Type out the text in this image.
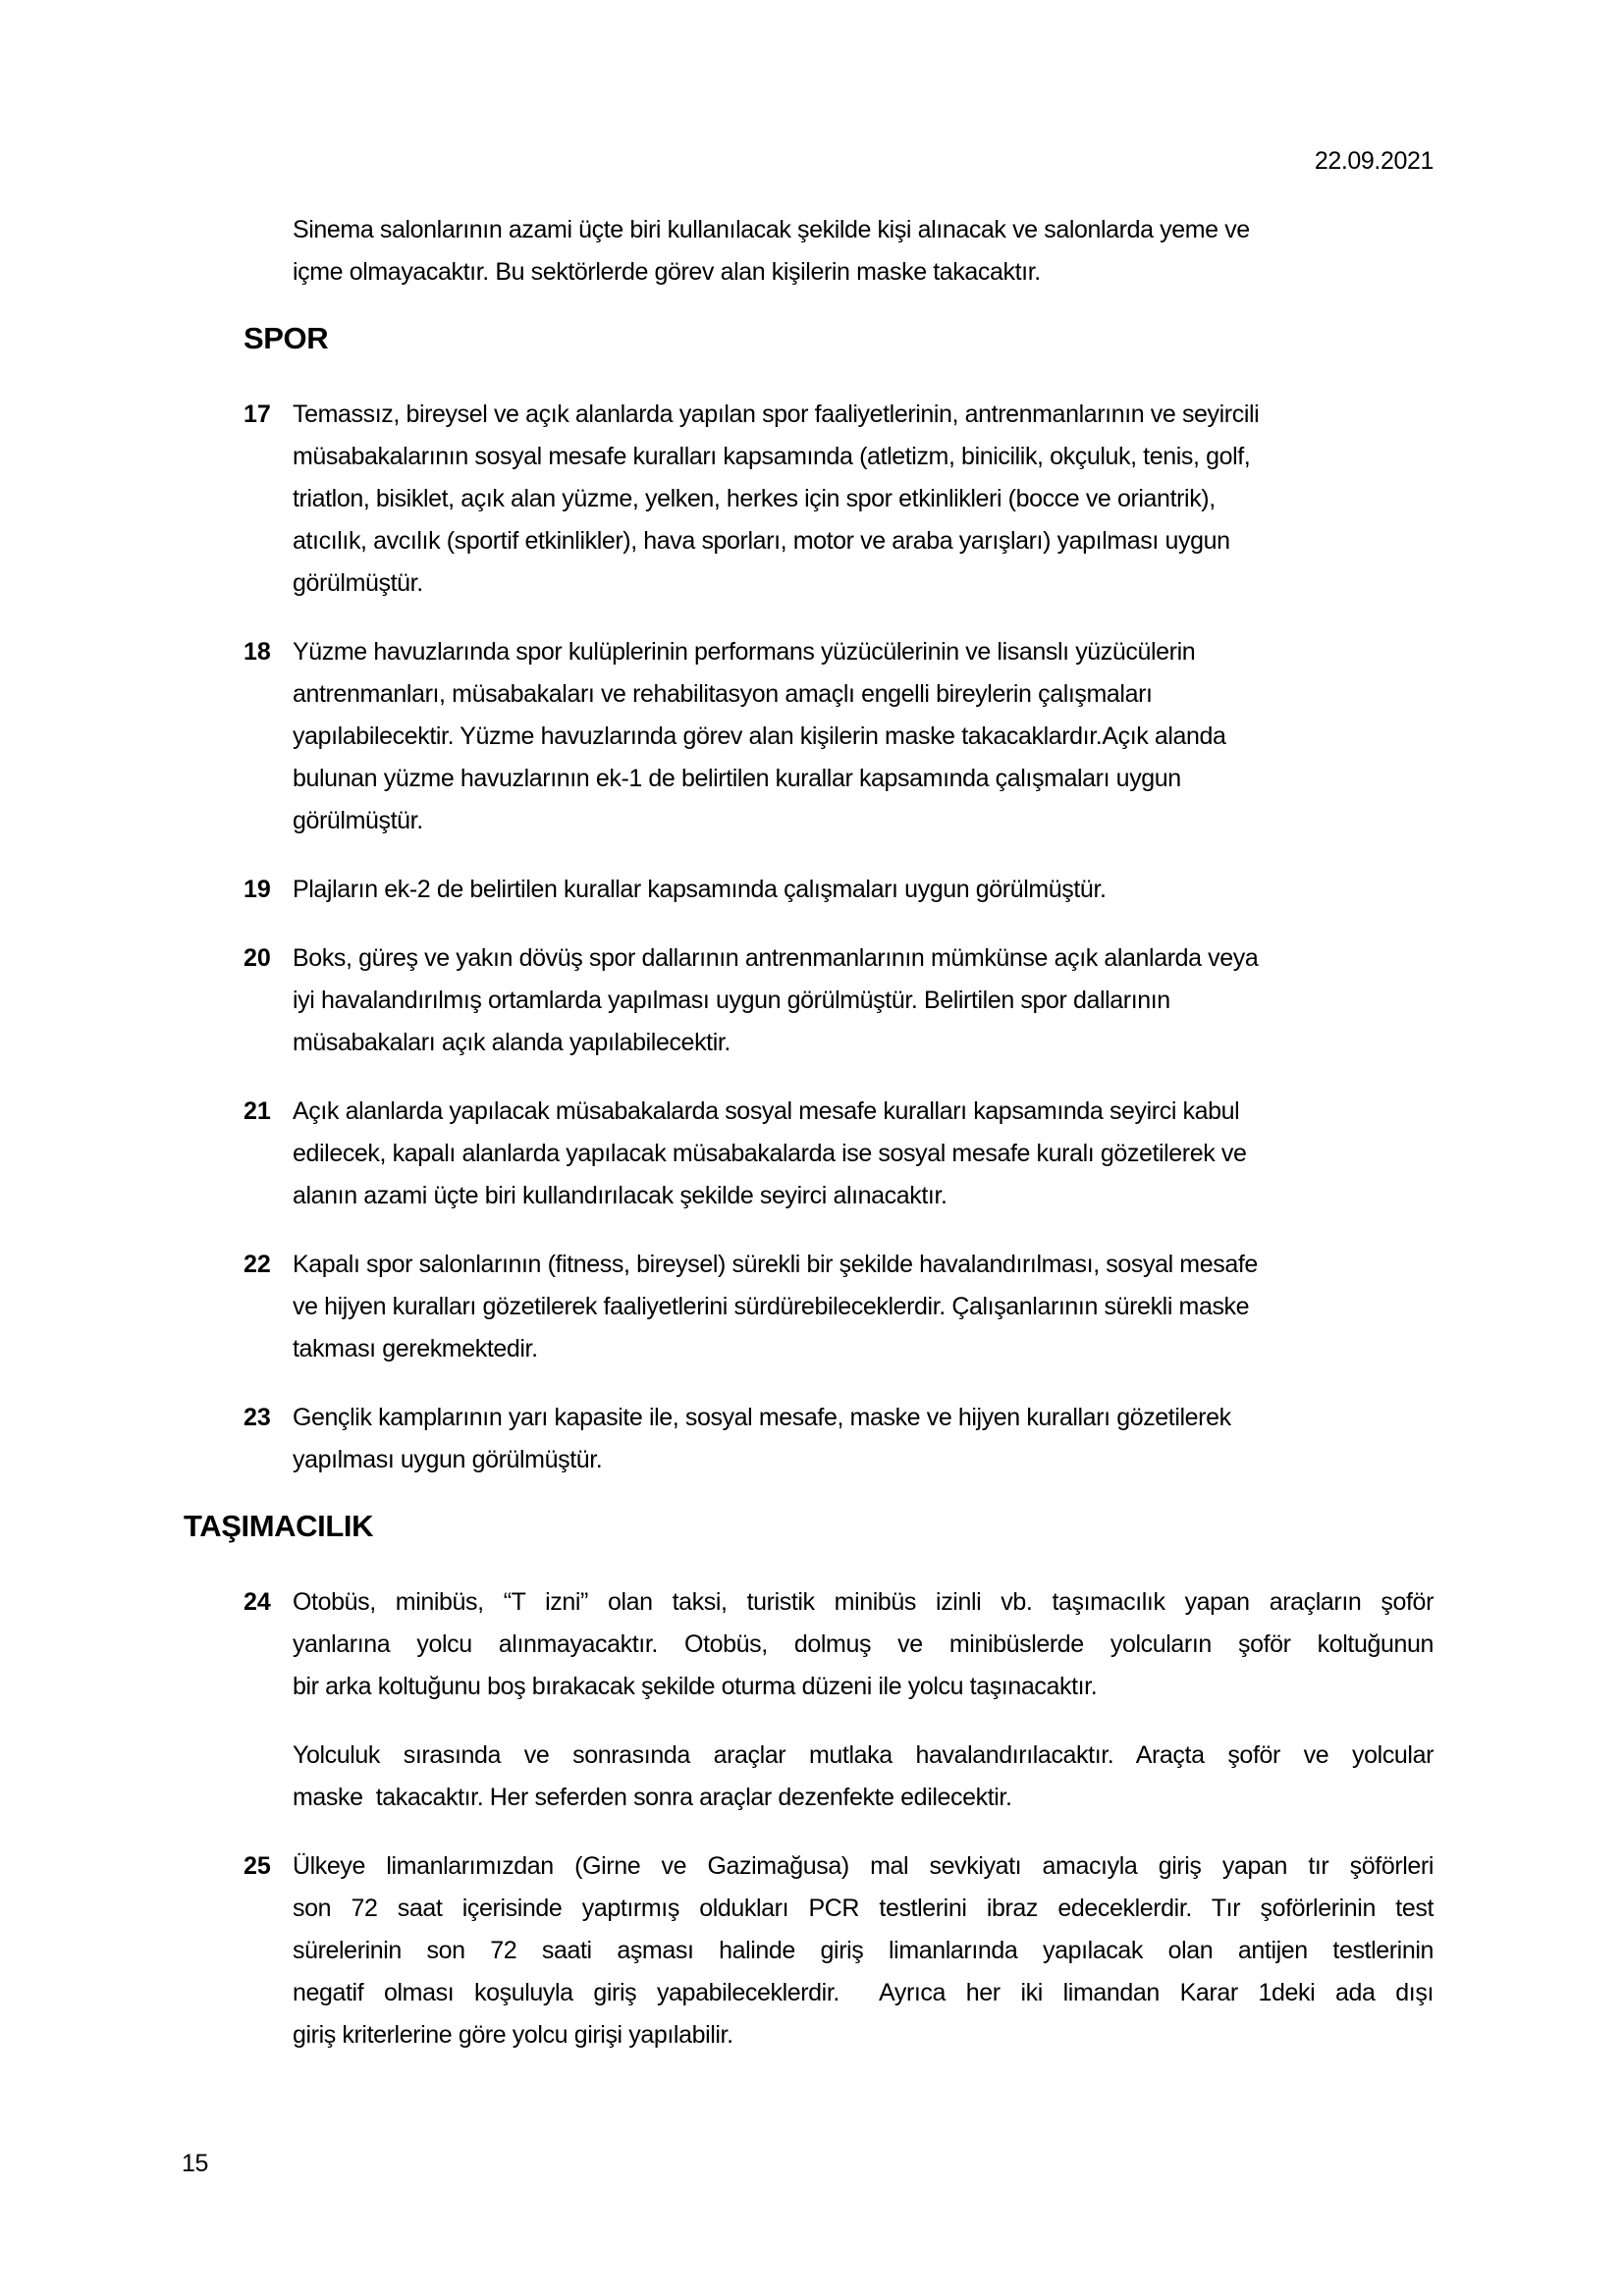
22.09.2021
Sinema salonlarının azami üçte biri kullanılacak şekilde kişi alınacak ve salonlarda yeme ve
içme olmayacaktır. Bu sektörlerde görev alan kişilerin maske takacaktır.
SPOR
17 Temassız, bireysel ve açık alanlarda yapılan spor faaliyetlerinin, antrenmanlarının ve seyircili
müsabakalarının sosyal mesafe kuralları kapsamında (atletizm, binicilik, okçuluk, tenis, golf,
triatlon, bisiklet, açık alan yüzme, yelken, herkes için spor etkinlikleri (bocce ve oriantrik),
atıcılık, avcılık (sportif etkinlikler), hava sporları, motor ve araba yarışları) yapılması uygun
görülmüştür.
18 Yüzme havuzlarında spor kulüplerinin performans yüzücülerinin ve lisanslı yüzücülerin
antrenmanları, müsabakaları ve rehabilitasyon amaçlı engelli bireylerin çalışmaları
yapılabilecektir. Yüzme havuzlarında görev alan kişilerin maske takacaklardır.Açık alanda
bulunan yüzme havuzlarının ek-1 de belirtilen kurallar kapsamında çalışmaları uygun
görülmüştür.
19 Plajların ek-2 de belirtilen kurallar kapsamında çalışmaları uygun görülmüştür.
20 Boks, güreş ve yakın dövüş spor dallarının antrenmanlarının mümkünse açık alanlarda veya
iyi havalandırılmış ortamlarda yapılması uygun görülmüştür. Belirtilen spor dallarının
müsabakaları açık alanda yapılabilecektir.
21 Açık alanlarda yapılacak müsabakalarda sosyal mesafe kuralları kapsamında seyirci kabul
edilecek, kapalı alanlarda yapılacak müsabakalarda ise sosyal mesafe kuralı gözetilerek ve
alanın azami üçte biri kullandırılacak şekilde seyirci alınacaktır.
22 Kapalı spor salonlarının (fitness, bireysel) sürekli bir şekilde havalandırılması, sosyal mesafe
ve hijyen kuralları gözetilerek faaliyetlerini sürdürebileceklerdir. Çalışanlarının sürekli maske
takması gerekmektedir.
23 Gençlik kamplarının yarı kapasite ile, sosyal mesafe, maske ve hijyen kuralları gözetilerek
yapılması uygun görülmüştür.
TAŞIMACILIK
24 Otobüs, minibüs, “T izni” olan taksi, turistik minibüs izinli vb. taşımacılık yapan araçların şoför
yanlarına yolcu alınmayacaktır. Otobüs, dolmuş ve minibüslerde yolcuların şoför koltuğunun
bir arka koltuğunu boş bırakacak şekilde oturma düzeni ile yolcu taşınacaktır.
Yolculuk sırasında ve sonrasında araçlar mutlaka havalandırılacaktır. Araçta şoför ve yolcular
maske  takacaktır. Her seferden sonra araçlar dezenfekte edilecektir.
25 Ülkeye limanlarımızdan (Girne ve Gazimağusa) mal sevkiyatı amacıyla giriş yapan tır şöförleri
son 72 saat içerisinde yaptırmış oldukları PCR testlerini ibraz edeceklerdir. Tır şoförlerinin test
sürelerinin son 72 saati aşması halinde giriş limanlarında yapılacak olan antijen testlerinin
negatif olması koşuluyla giriş yapabileceklerdir.  Ayrıca her iki limandan Karar 1deki ada dışı
giriş kriterlerine göre yolcu girişi yapılabilir.
15
